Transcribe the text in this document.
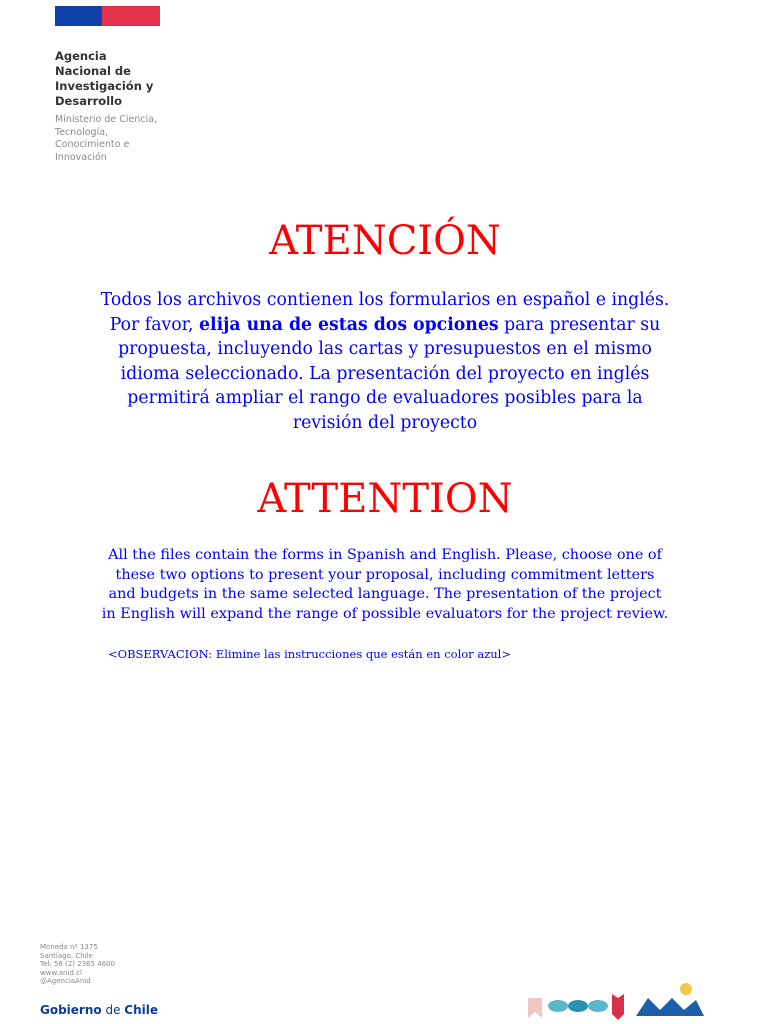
Agencia
Nacional de
Investigación y
Desarrollo
Ministerio de Ciencia,
Tecnología,
Conocimiento e
Innovación
ATENCIÓN
Todos los archivos contienen los formularios en español e inglés. Por favor, elija una de estas dos opciones para presentar su propuesta, incluyendo las cartas y presupuestos en el mismo idioma seleccionado. La presentación del proyecto en inglés permitirá ampliar el rango de evaluadores posibles para la revisión del proyecto
ATTENTION
All the files contain the forms in Spanish and English. Please, choose one of these two options to present your proposal, including commitment letters and budgets in the same selected language. The presentation of the project in English will expand the range of possible evaluators for the project review.
<OBSERVACION: Elimine las instrucciones que están en color azul>
Moneda nº 1375
Santiago, Chile
Tel: 56 (2) 2365 4600
www.anid.cl
@AgenciaAnid
Gobierno de Chile
